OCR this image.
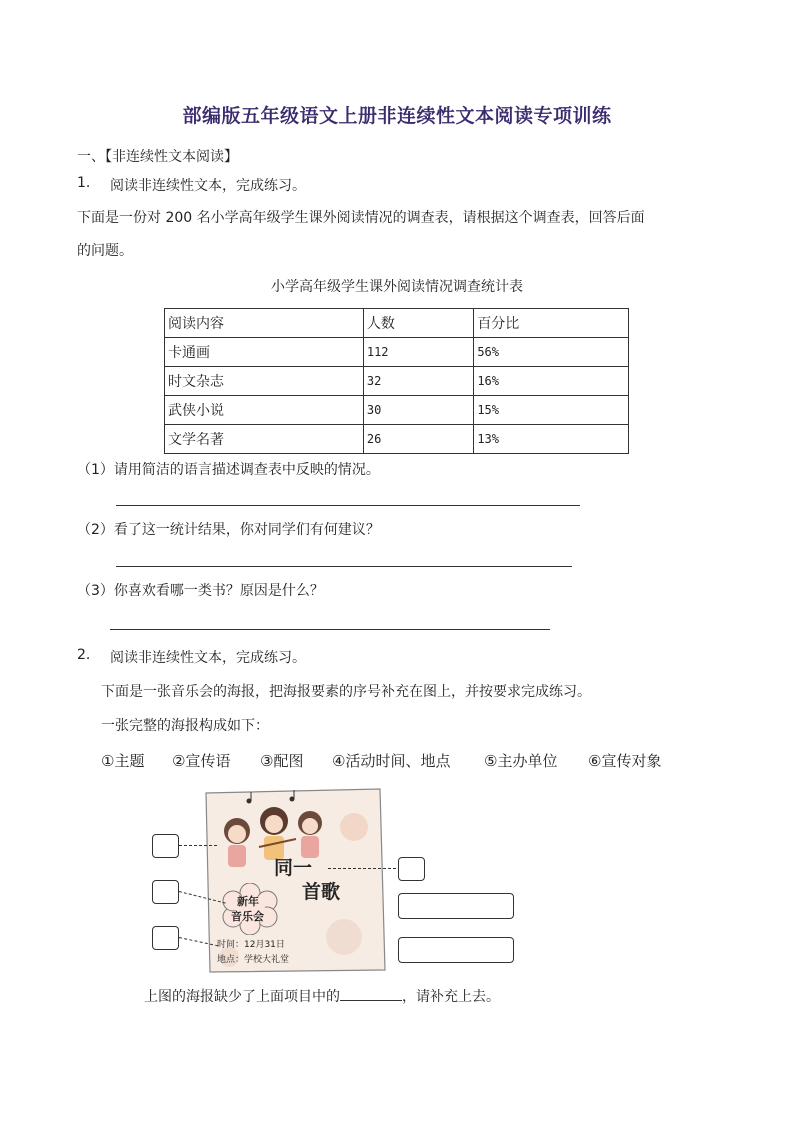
部编版五年级语文上册非连续性文本阅读专项训练
一、【非连续性文本阅读】
1. 阅读非连续性文本，完成练习。
下面是一份对 200 名小学高年级学生课外阅读情况的调查表，请根据这个调查表，回答后面
的问题。
小学高年级学生课外阅读情况调查统计表
阅读内容	人数	百分比
卡通画	112	56%
时文杂志	32	16%
武侠小说	30	15%
文学名著	26	13%
（1）请用简洁的语言描述调查表中反映的情况。
（2）看了这一统计结果，你对同学们有何建议？
（3）你喜欢看哪一类书？原因是什么？
2. 阅读非连续性文本，完成练习。
下面是一张音乐会的海报，把海报要素的序号补充在图上，并按要求完成练习。
一张完整的海报构成如下：
①主题 ②宣传语 ③配图 ④活动时间、地点 ⑤主办单位 ⑥宣传对象
同一
首歌
新年
音乐会
时间：12月31日
地点：学校大礼堂
上图的海报缺少了上面项目中的	，请补充上去。
